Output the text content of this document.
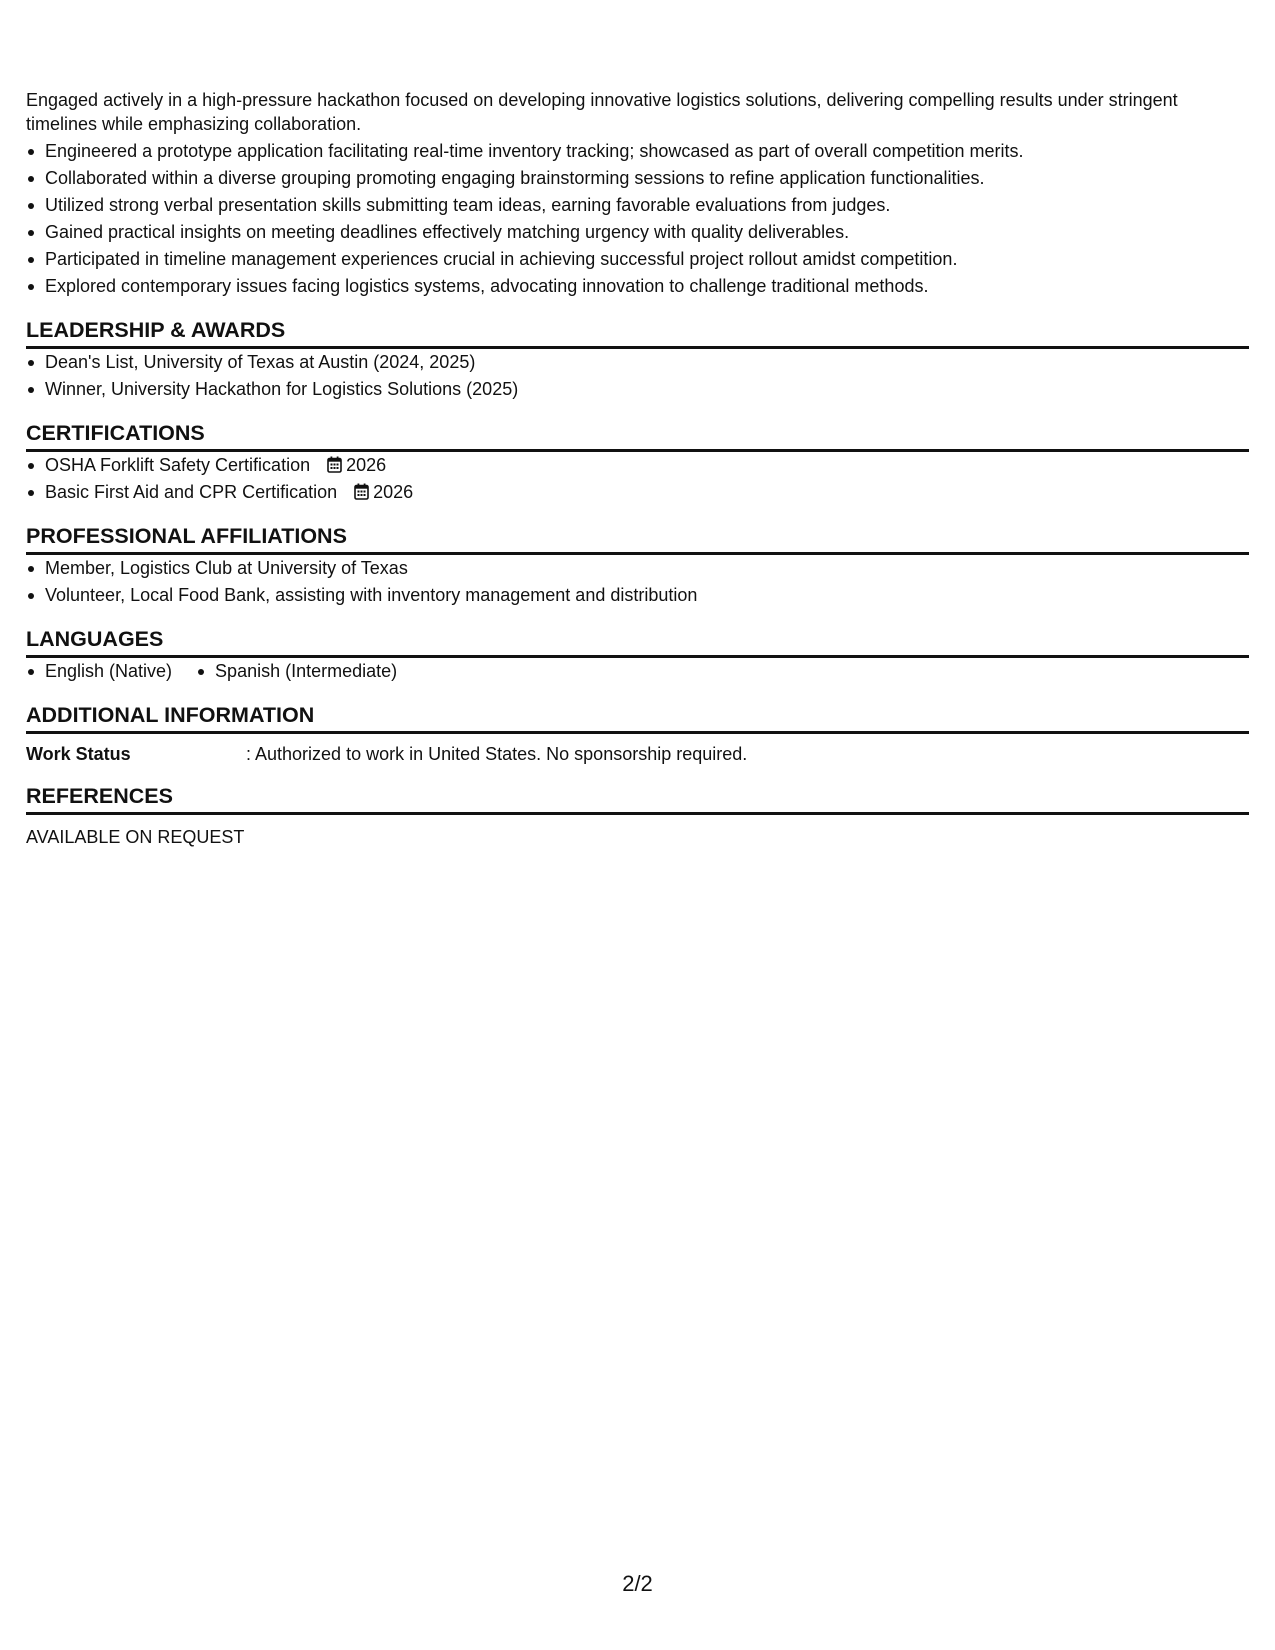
Engaged actively in a high-pressure hackathon focused on developing innovative logistics solutions, delivering compelling results under stringent timelines while emphasizing collaboration.
Engineered a prototype application facilitating real-time inventory tracking; showcased as part of overall competition merits.
Collaborated within a diverse grouping promoting engaging brainstorming sessions to refine application functionalities.
Utilized strong verbal presentation skills submitting team ideas, earning favorable evaluations from judges.
Gained practical insights on meeting deadlines effectively matching urgency with quality deliverables.
Participated in timeline management experiences crucial in achieving successful project rollout amidst competition.
Explored contemporary issues facing logistics systems, advocating innovation to challenge traditional methods.
LEADERSHIP & AWARDS
Dean's List, University of Texas at Austin (2024, 2025)
Winner, University Hackathon for Logistics Solutions (2025)
CERTIFICATIONS
OSHA Forklift Safety Certification 2026
Basic First Aid and CPR Certification 2026
PROFESSIONAL AFFILIATIONS
Member, Logistics Club at University of Texas
Volunteer, Local Food Bank, assisting with inventory management and distribution
LANGUAGES
English (Native)	Spanish (Intermediate)
ADDITIONAL INFORMATION
Work Status	: Authorized to work in United States. No sponsorship required.
REFERENCES
AVAILABLE ON REQUEST
2/2
